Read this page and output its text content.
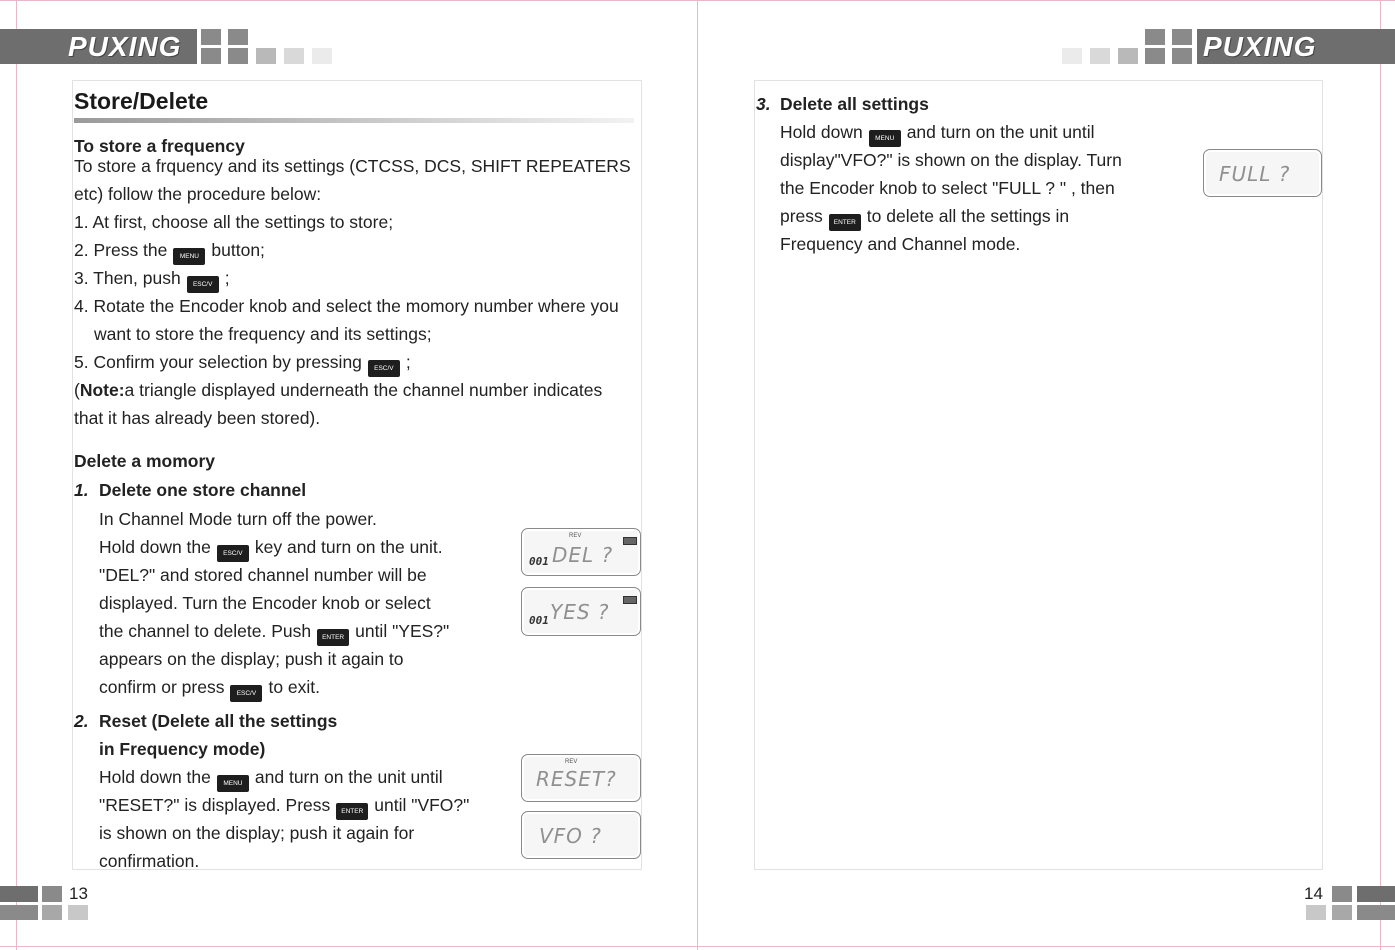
PUXING	PUXING
Store/Delete
To store a frequency
To store a frquency and its settings (CTCSS, DCS, SHIFT REPEATERS
etc) follow the procedure below:
1. At first, choose all the settings to store;
2. Press the MENU button;
3. Then, push ESC/V ;
4. Rotate the Encoder knob and select the momory number where you
want to store the frequency and its settings;
5. Confirm your selection by pressing ESC/V ;
(Note:a triangle displayed underneath the channel number indicates
that it has already been stored).
Delete a momory
1. Delete one store channel
In Channel Mode turn off the power.
Hold down the ESC/V key and turn on the unit.
"DEL?" and stored channel number will be
displayed. Turn the Encoder knob or select
the channel to delete. Push ENTER until "YES?"
appears on the display; push it again to
confirm or press ESC/V to exit.
2. Reset (Delete all the settings
in Frequency mode)
Hold down the MENU and turn on the unit until
"RESET?" is displayed. Press ENTER until "VFO?"
is shown on the display; push it again for
confirmation.
REV
001 DEL ?
001 YES ?
REV
RESET?
VFO ?
3. Delete all settings
Hold down MENU and turn on the unit until
display"VFO?" is shown on the display. Turn
the Encoder knob to select "FULL ? " , then
press ENTER to delete all the settings in
Frequency and Channel mode.
FULL ?
13	14
